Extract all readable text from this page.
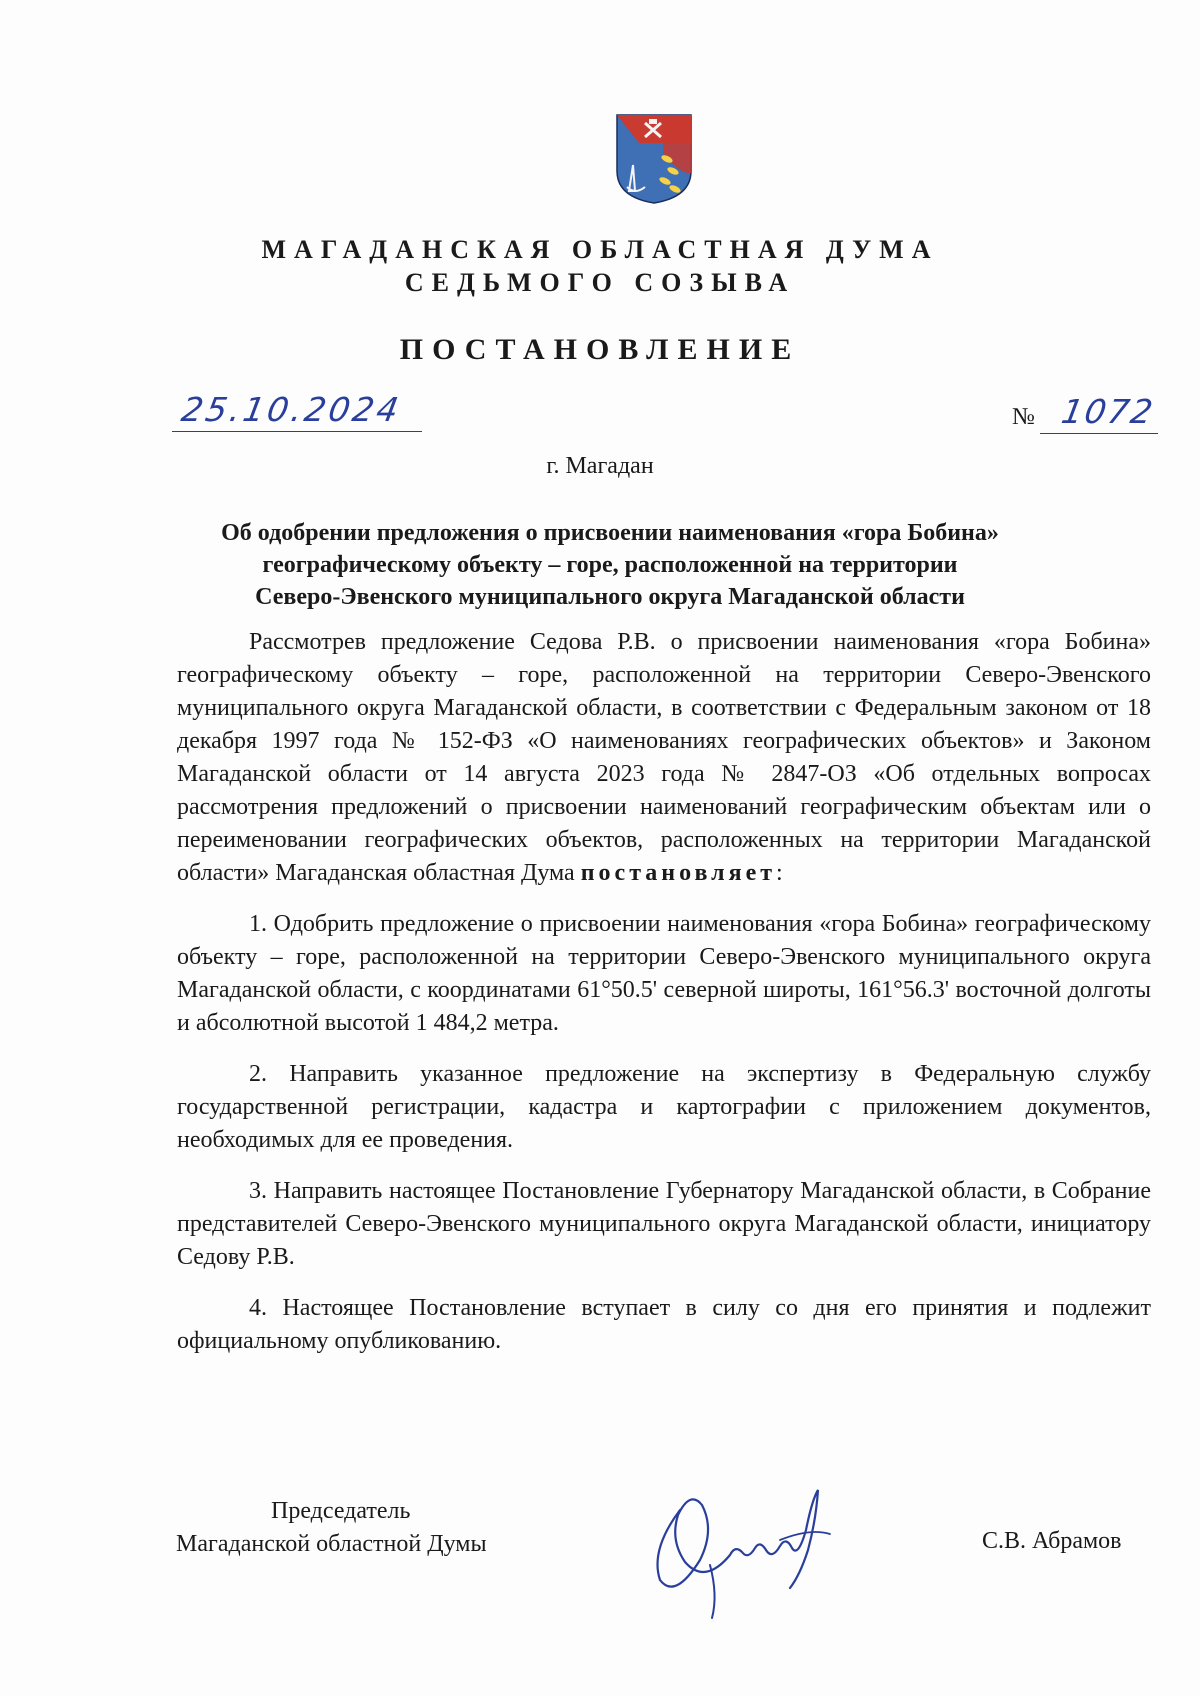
МАГАДАНСКАЯ ОБЛАСТНАЯ ДУМА
СЕДЬМОГО СОЗЫВА
ПОСТАНОВЛЕНИЕ
25.10.2024	№ 1072
г. Магадан
Об одобрении предложения о присвоении наименования «гора Бобина»
географическому объекту – горе, расположенной на территории
Северо-Эвенского муниципального округа Магаданской области

Рассмотрев предложение Седова Р.В. о присвоении наименования «гора Бобина» географическому объекту – горе, расположенной на территории Северо-Эвенского муниципального округа Магаданской области, в соответствии с Федеральным законом от 18 декабря 1997 года № 152-ФЗ «О наименованиях географических объектов» и Законом Магаданской области от 14 августа 2023 года № 2847-ОЗ «Об отдельных вопросах рассмотрения предложений о присвоении наименований географическим объектам или о переименовании географических объектов, расположенных на территории Магаданской области» Магаданская областная Дума постановляет:

1. Одобрить предложение о присвоении наименования «гора Бобина» географическому объекту – горе, расположенной на территории Северо-Эвенского муниципального округа Магаданской области, с координатами 61°50.5' северной широты, 161°56.3' восточной долготы и абсолютной высотой 1 484,2 метра.

2. Направить указанное предложение на экспертизу в Федеральную службу государственной регистрации, кадастра и картографии с приложением документов, необходимых для ее проведения.

3. Направить настоящее Постановление Губернатору Магаданской области, в Собрание представителей Северо-Эвенского муниципального округа Магаданской области, инициатору Седову Р.В.

4. Настоящее Постановление вступает в силу со дня его принятия и подлежит официальному опубликованию.

Председатель
Магаданской областной Думы	С.В. Абрамов
